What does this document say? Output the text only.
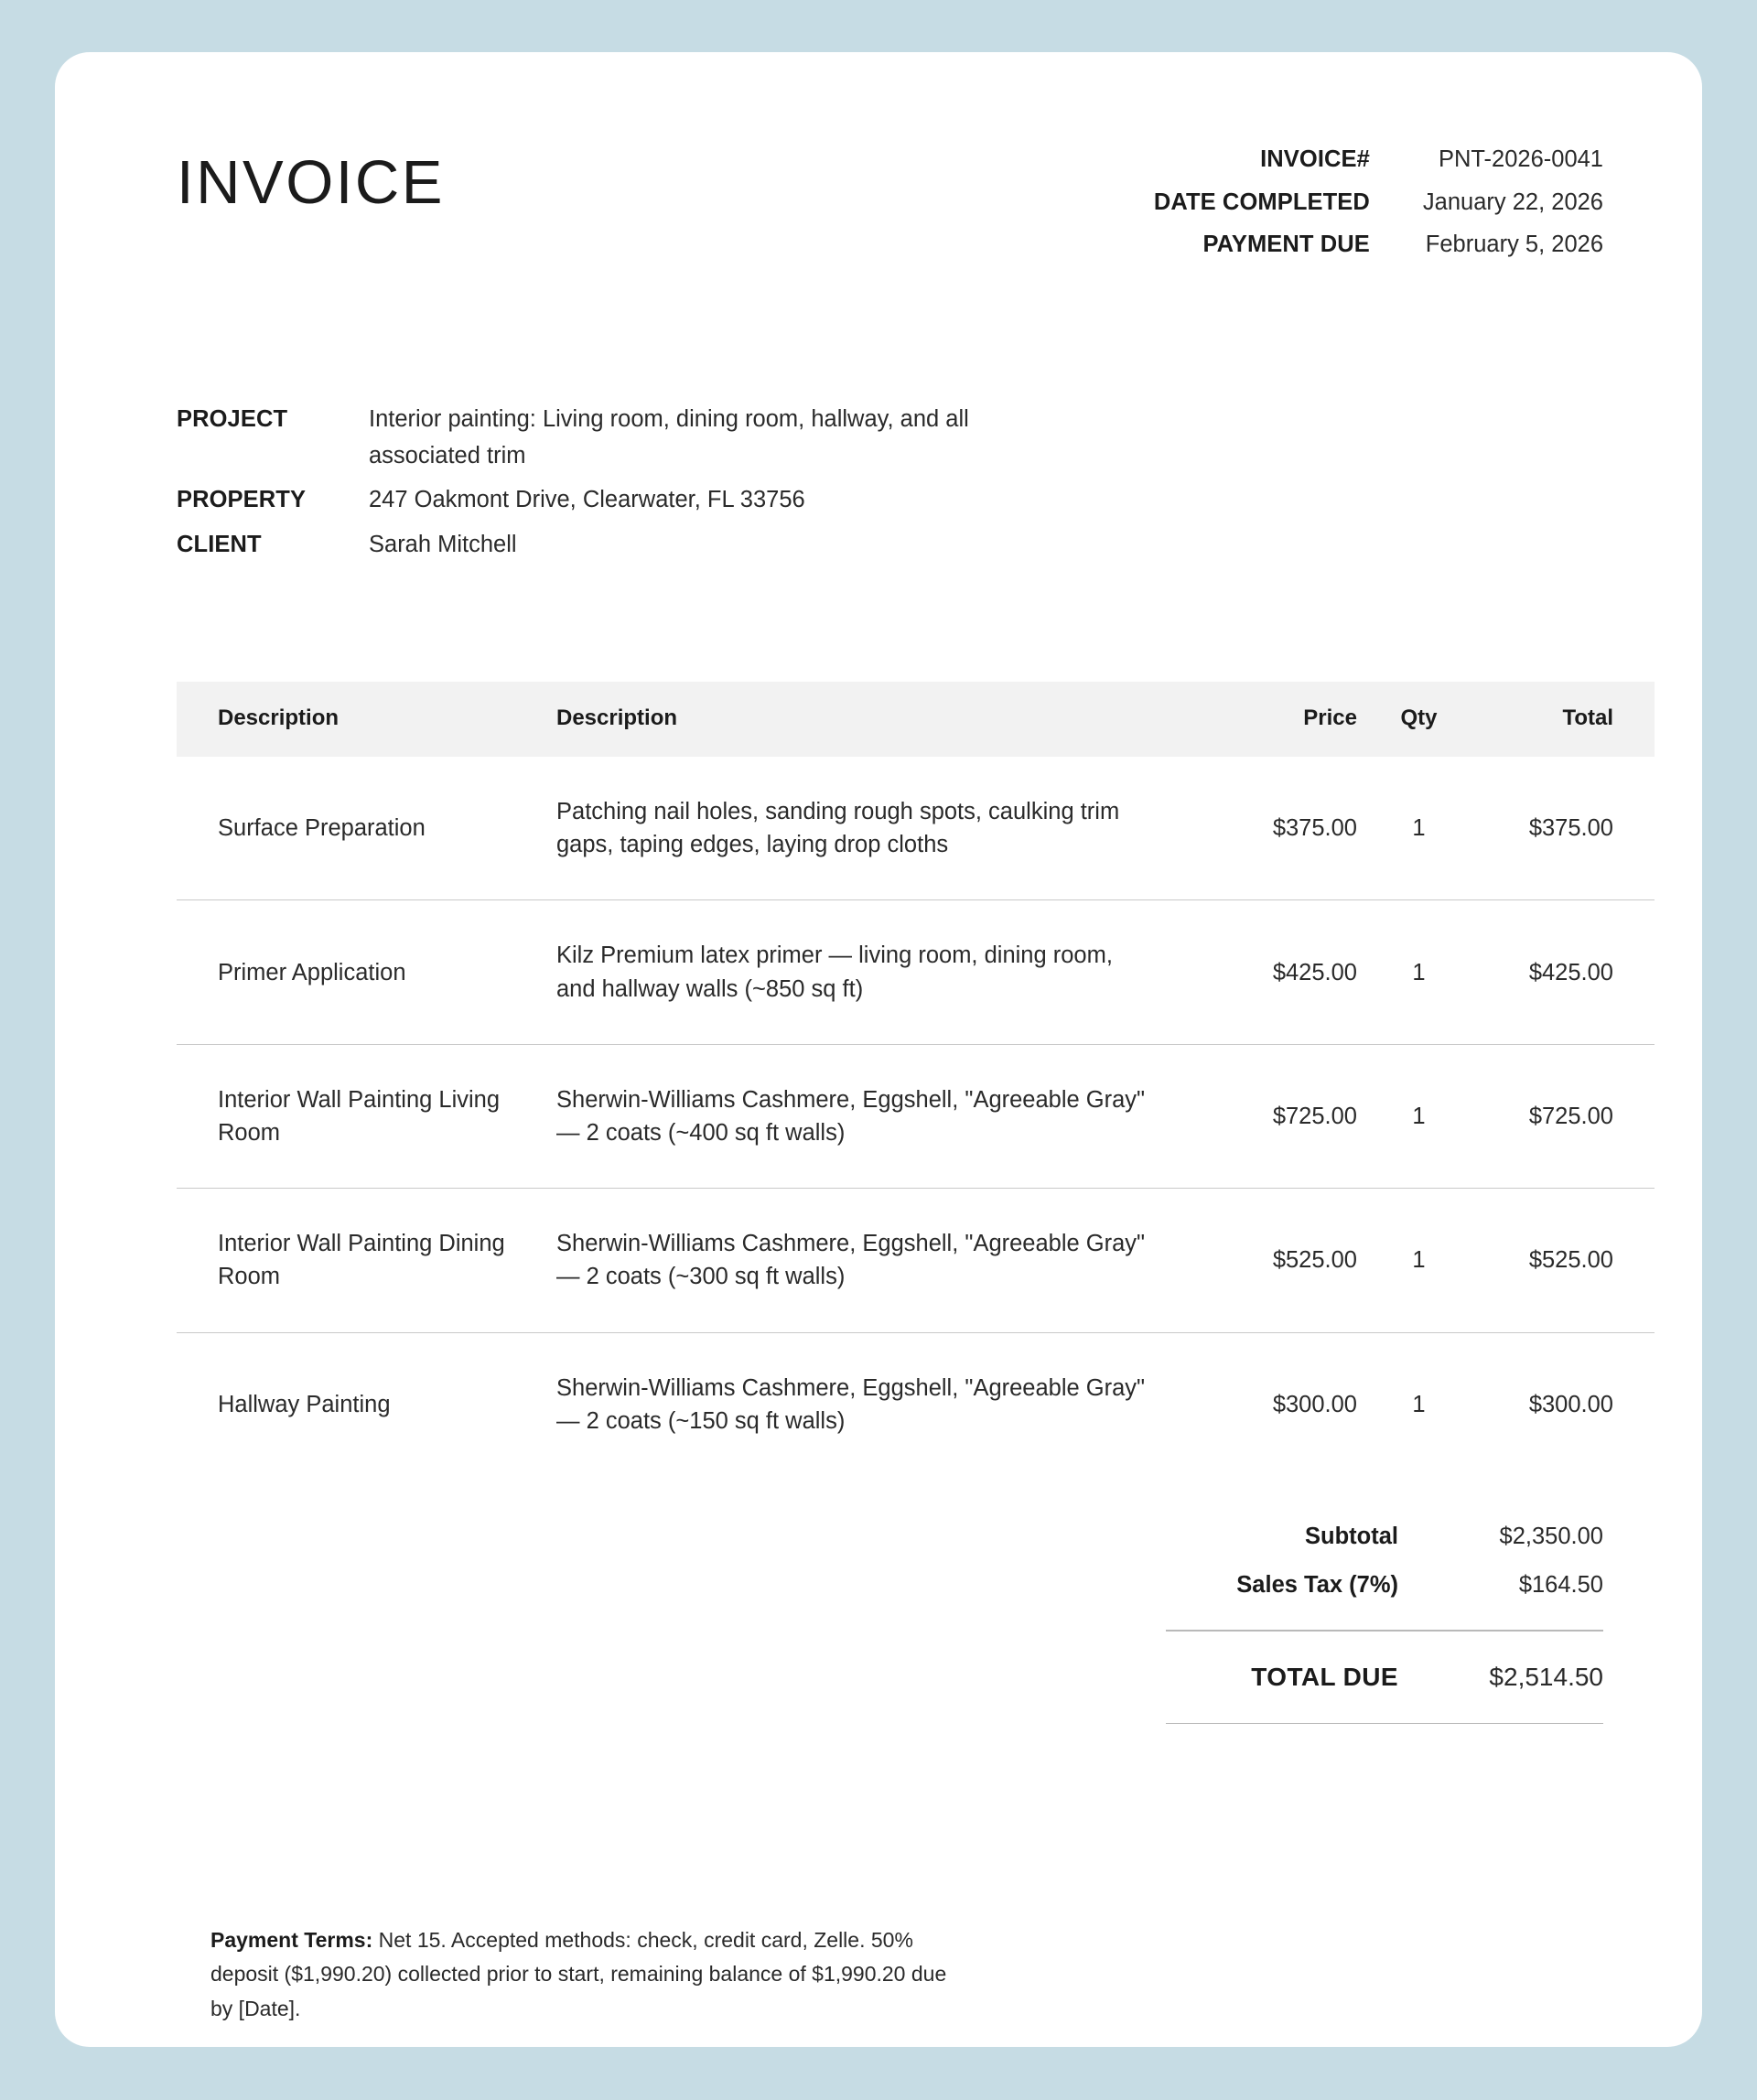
INVOICE	INVOICE#	PNT-2026-0041
DATE COMPLETED	January 22, 2026
PAYMENT DUE	February 5, 2026
PROJECT	Interior painting: Living room, dining room, hallway, and all associated trim
PROPERTY	247 Oakmont Drive, Clearwater, FL 33756
CLIENT	Sarah Mitchell
Description	Description	Price	Qty	Total
Surface Preparation	Patching nail holes, sanding rough spots, caulking trim gaps, taping edges, laying drop cloths	$375.00	1	$375.00
Primer Application	Kilz Premium latex primer — living room, dining room, and hallway walls (~850 sq ft)	$425.00	1	$425.00
Interior Wall Painting Living Room	Sherwin-Williams Cashmere, Eggshell, "Agreeable Gray" — 2 coats (~400 sq ft walls)	$725.00	1	$725.00
Interior Wall Painting Dining Room	Sherwin-Williams Cashmere, Eggshell, "Agreeable Gray" — 2 coats (~300 sq ft walls)	$525.00	1	$525.00
Hallway Painting	Sherwin-Williams Cashmere, Eggshell, "Agreeable Gray" — 2 coats (~150 sq ft walls)	$300.00	1	$300.00
Subtotal	$2,350.00
Sales Tax (7%)	$164.50
TOTAL DUE	$2,514.50
Payment Terms: Net 15. Accepted methods: check, credit card, Zelle. 50% deposit ($1,990.20) collected prior to start, remaining balance of $1,990.20 due by [Date].
